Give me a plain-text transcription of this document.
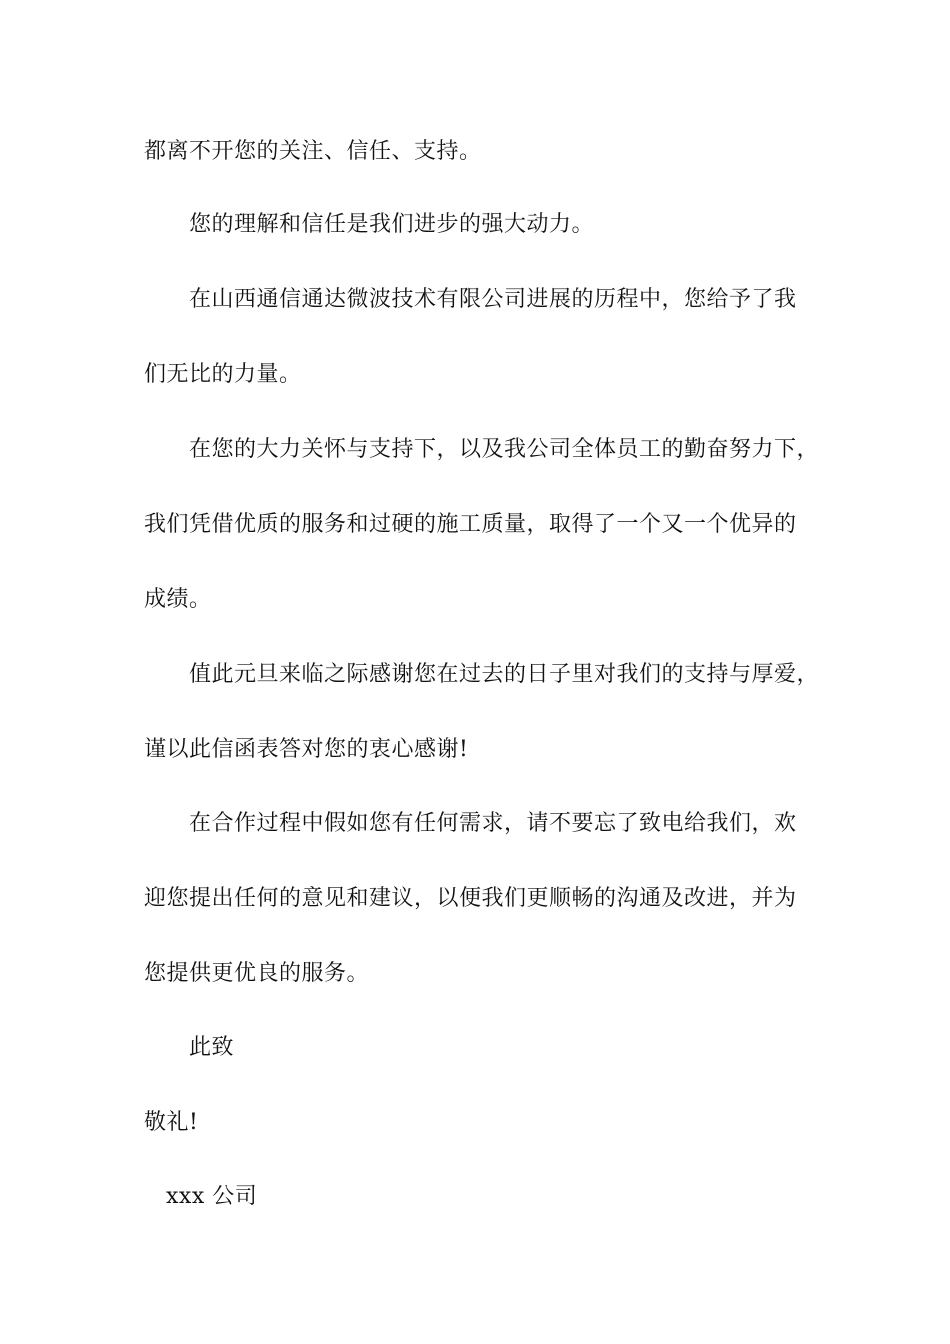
都离不开您的关注、信任、支持。
您的理解和信任是我们进步的强大动力。
在山西通信通达微波技术有限公司进展的历程中，您给予了我
们无比的力量。
在您的大力关怀与支持下，以及我公司全体员工的勤奋努力下，
我们凭借优质的服务和过硬的施工质量，取得了一个又一个优异的
成绩。
值此元旦来临之际感谢您在过去的日子里对我们的支持与厚爱，
谨以此信函表答对您的衷心感谢!
在合作过程中假如您有任何需求，请不要忘了致电给我们，欢
迎您提出任何的意见和建议，以便我们更顺畅的沟通及改进，并为
您提供更优良的服务。
此致
敬礼!
xxx 公司
